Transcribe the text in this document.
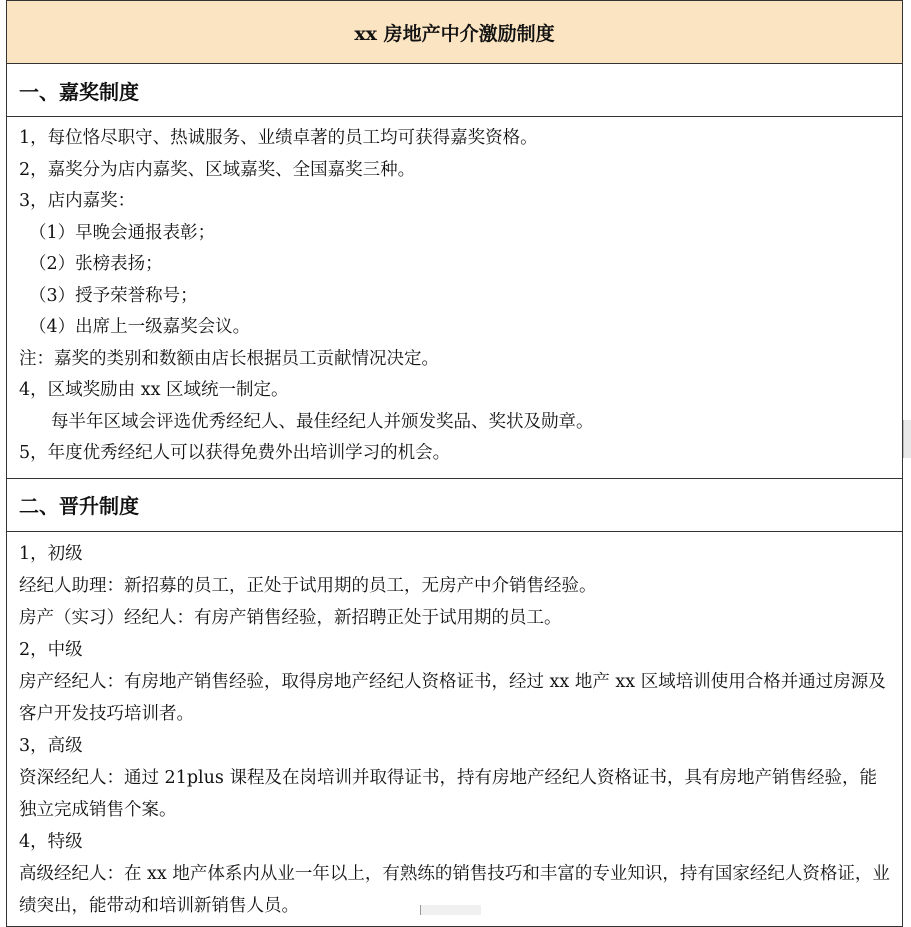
xx 房地产中介激励制度
一、嘉奖制度
1，每位恪尽职守、热诚服务、业绩卓著的员工均可获得嘉奖资格。
2，嘉奖分为店内嘉奖、区域嘉奖、全国嘉奖三种。
3，店内嘉奖：
（1）早晚会通报表彰；
（2）张榜表扬；
（3）授予荣誉称号；
（4）出席上一级嘉奖会议。
注：嘉奖的类别和数额由店长根据员工贡献情况决定。
4，区域奖励由 xx 区域统一制定。
每半年区域会评选优秀经纪人、最佳经纪人并颁发奖品、奖状及勋章。
5，年度优秀经纪人可以获得免费外出培训学习的机会。
二、晋升制度
1，初级
经纪人助理：新招募的员工，正处于试用期的员工，无房产中介销售经验。
房产（实习）经纪人：有房产销售经验，新招聘正处于试用期的员工。
2，中级
房产经纪人：有房地产销售经验，取得房地产经纪人资格证书，经过 xx 地产 xx 区域培训使用合格并通过房源及客户开发技巧培训者。
3，高级
资深经纪人：通过 21plus 课程及在岗培训并取得证书，持有房地产经纪人资格证书，具有房地产销售经验，能独立完成销售个案。
4，特级
高级经纪人：在 xx 地产体系内从业一年以上，有熟练的销售技巧和丰富的专业知识，持有国家经纪人资格证，业绩突出，能带动和培训新销售人员。
